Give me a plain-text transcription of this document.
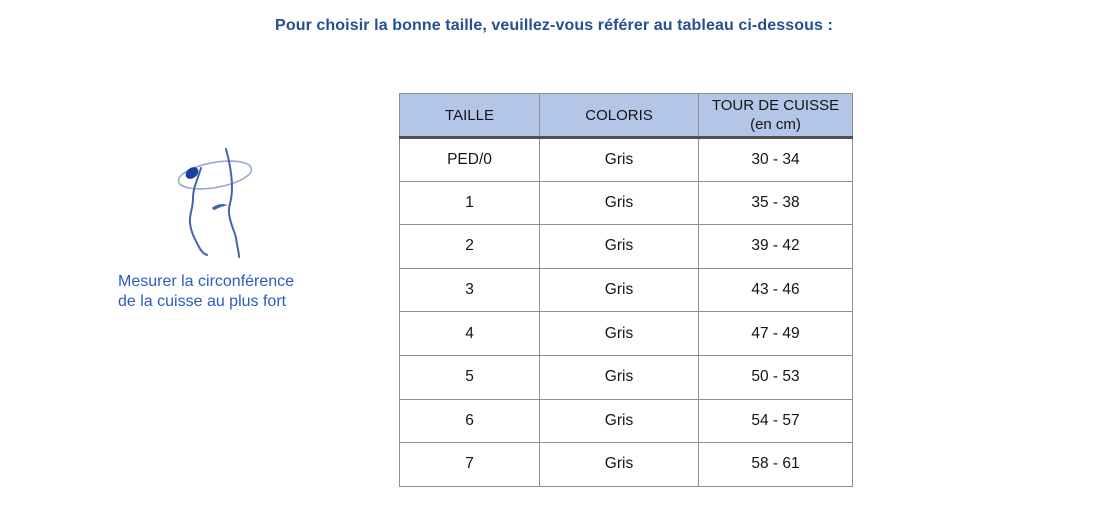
Pour choisir la bonne taille, veuillez-vous référer au tableau ci-dessous :
Mesurer la circonférence
de la cuisse au plus fort
TAILLE	COLORIS	TOUR DE CUISSE
(en cm)

PED/0	Gris	30 - 34
1	Gris	35 - 38
2	Gris	39 - 42
3	Gris	43 - 46
4	Gris	47 - 49
5	Gris	50 - 53
6	Gris	54 - 57
7	Gris	58 - 61
